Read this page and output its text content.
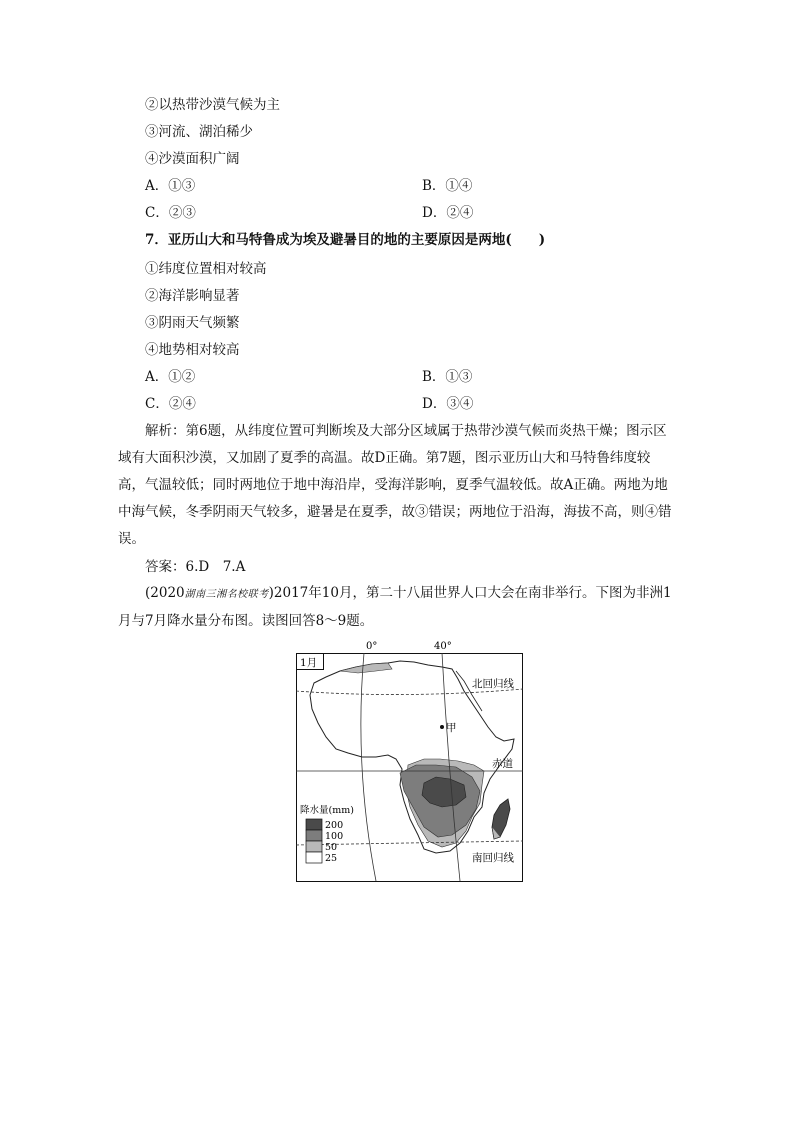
②以热带沙漠气候为主
③河流、湖泊稀少
④沙漠面积广阔
A．①③	B．①④
C．②③	D．②④
7．亚历山大和马特鲁成为埃及避暑目的地的主要原因是两地(　　)
①纬度位置相对较高
②海洋影响显著
③阴雨天气频繁
④地势相对较高
A．①②	B．①③
C．②④	D．③④
解析：第6题，从纬度位置可判断埃及大部分区域属于热带沙漠气候而炎热干燥；图示区域有大面积沙漠，又加剧了夏季的高温。故D正确。第7题，图示亚历山大和马特鲁纬度较高，气温较低；同时两地位于地中海沿岸，受海洋影响，夏季气温较低。故A正确。两地为地中海气候，冬季阴雨天气较多，避暑是在夏季，故③错误；两地位于沿海，海拔不高，则④错误。
答案：6.D　7.A
(2020湖南三湘名校联考)2017年10月，第二十八届世界人口大会在南非举行。下图为非洲1月与7月降水量分布图。读图回答8～9题。
0°	40°
1月
北回归线
赤道
南回归线
甲
降水量(mm)
200
100
50
25
